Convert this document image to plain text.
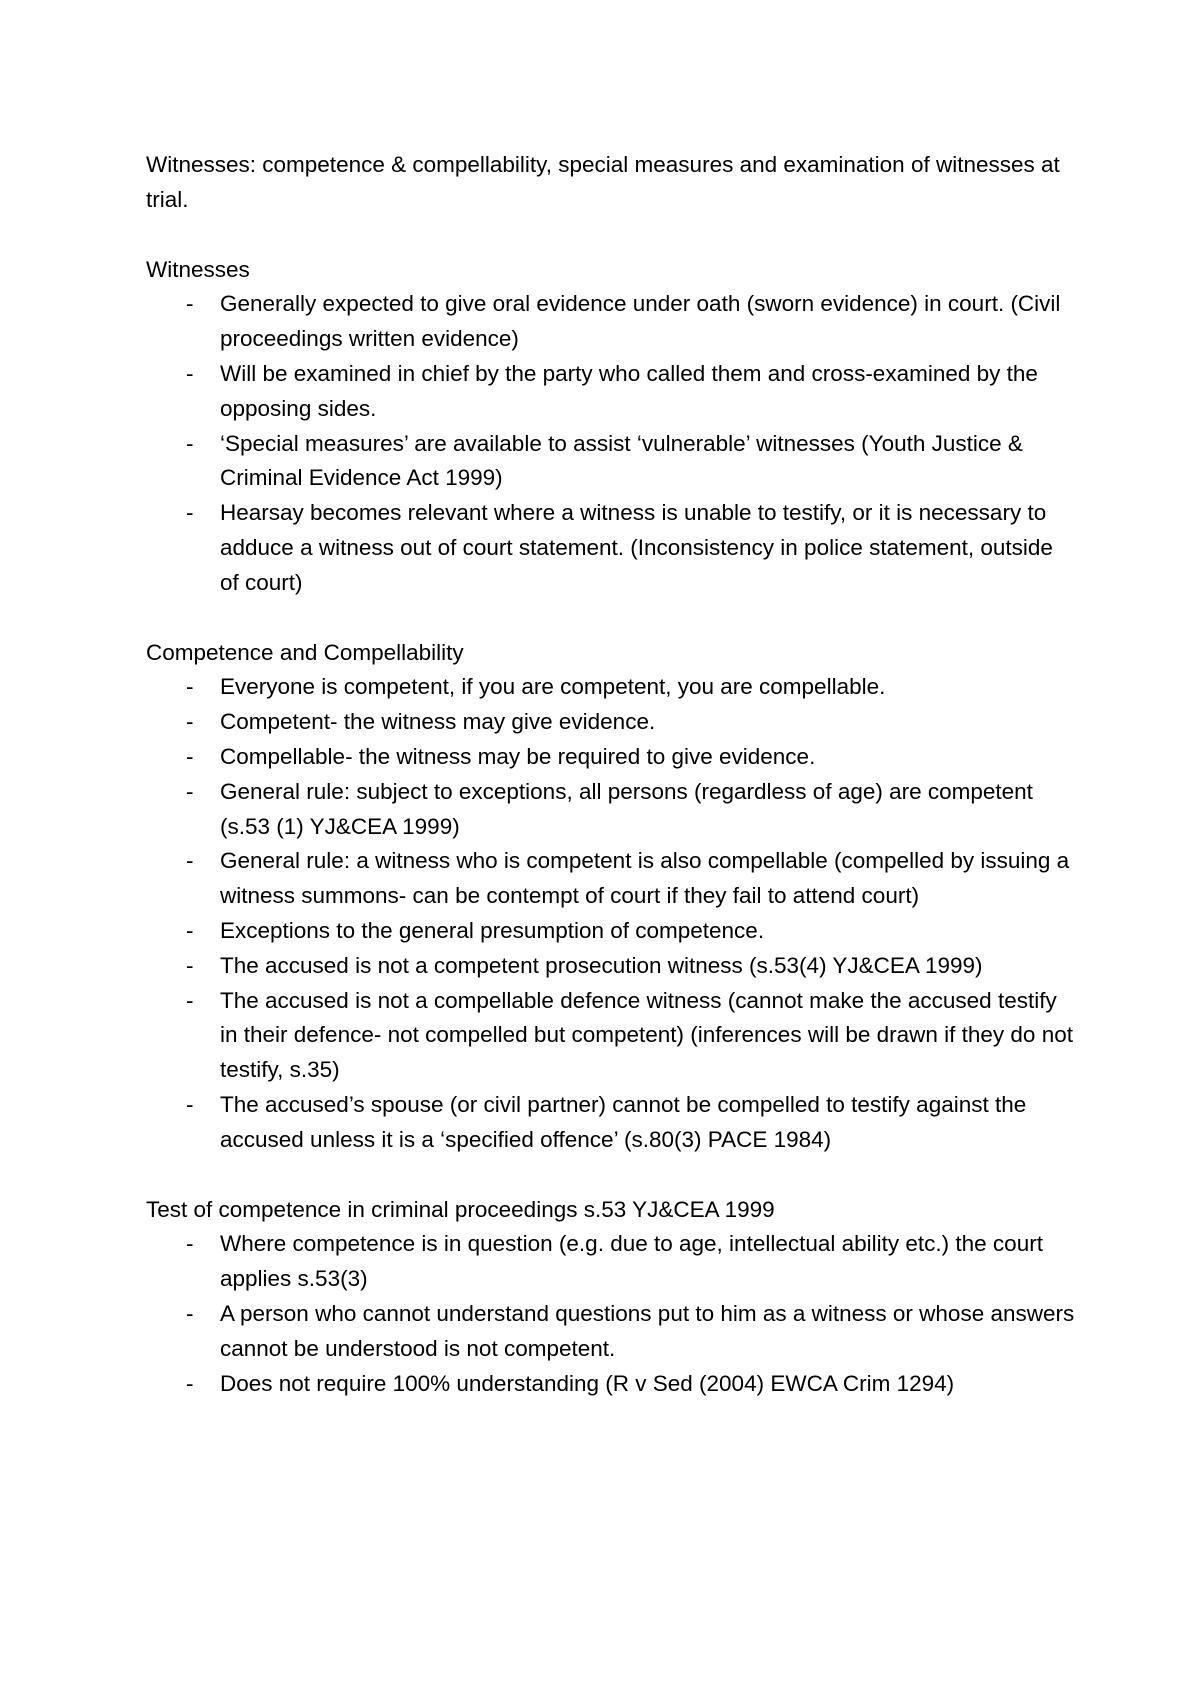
Witnesses: competence & compellability, special measures and examination of witnesses at trial.
Witnesses
- Generally expected to give oral evidence under oath (sworn evidence) in court. (Civil proceedings written evidence)
- Will be examined in chief by the party who called them and cross-examined by the opposing sides.
- ‘Special measures’ are available to assist ‘vulnerable’ witnesses (Youth Justice & Criminal Evidence Act 1999)
- Hearsay becomes relevant where a witness is unable to testify, or it is necessary to adduce a witness out of court statement. (Inconsistency in police statement, outside of court)
Competence and Compellability
- Everyone is competent, if you are competent, you are compellable.
- Competent- the witness may give evidence.
- Compellable- the witness may be required to give evidence.
- General rule: subject to exceptions, all persons (regardless of age) are competent (s.53 (1) YJ&CEA 1999)
- General rule: a witness who is competent is also compellable (compelled by issuing a witness summons- can be contempt of court if they fail to attend court)
- Exceptions to the general presumption of competence.
- The accused is not a competent prosecution witness (s.53(4) YJ&CEA 1999)
- The accused is not a compellable defence witness (cannot make the accused testify in their defence- not compelled but competent) (inferences will be drawn if they do not testify, s.35)
- The accused’s spouse (or civil partner) cannot be compelled to testify against the accused unless it is a ‘specified offence’ (s.80(3) PACE 1984)
Test of competence in criminal proceedings s.53 YJ&CEA 1999
- Where competence is in question (e.g. due to age, intellectual ability etc.) the court applies s.53(3)
- A person who cannot understand questions put to him as a witness or whose answers cannot be understood is not competent.
- Does not require 100% understanding (R v Sed (2004) EWCA Crim 1294)
